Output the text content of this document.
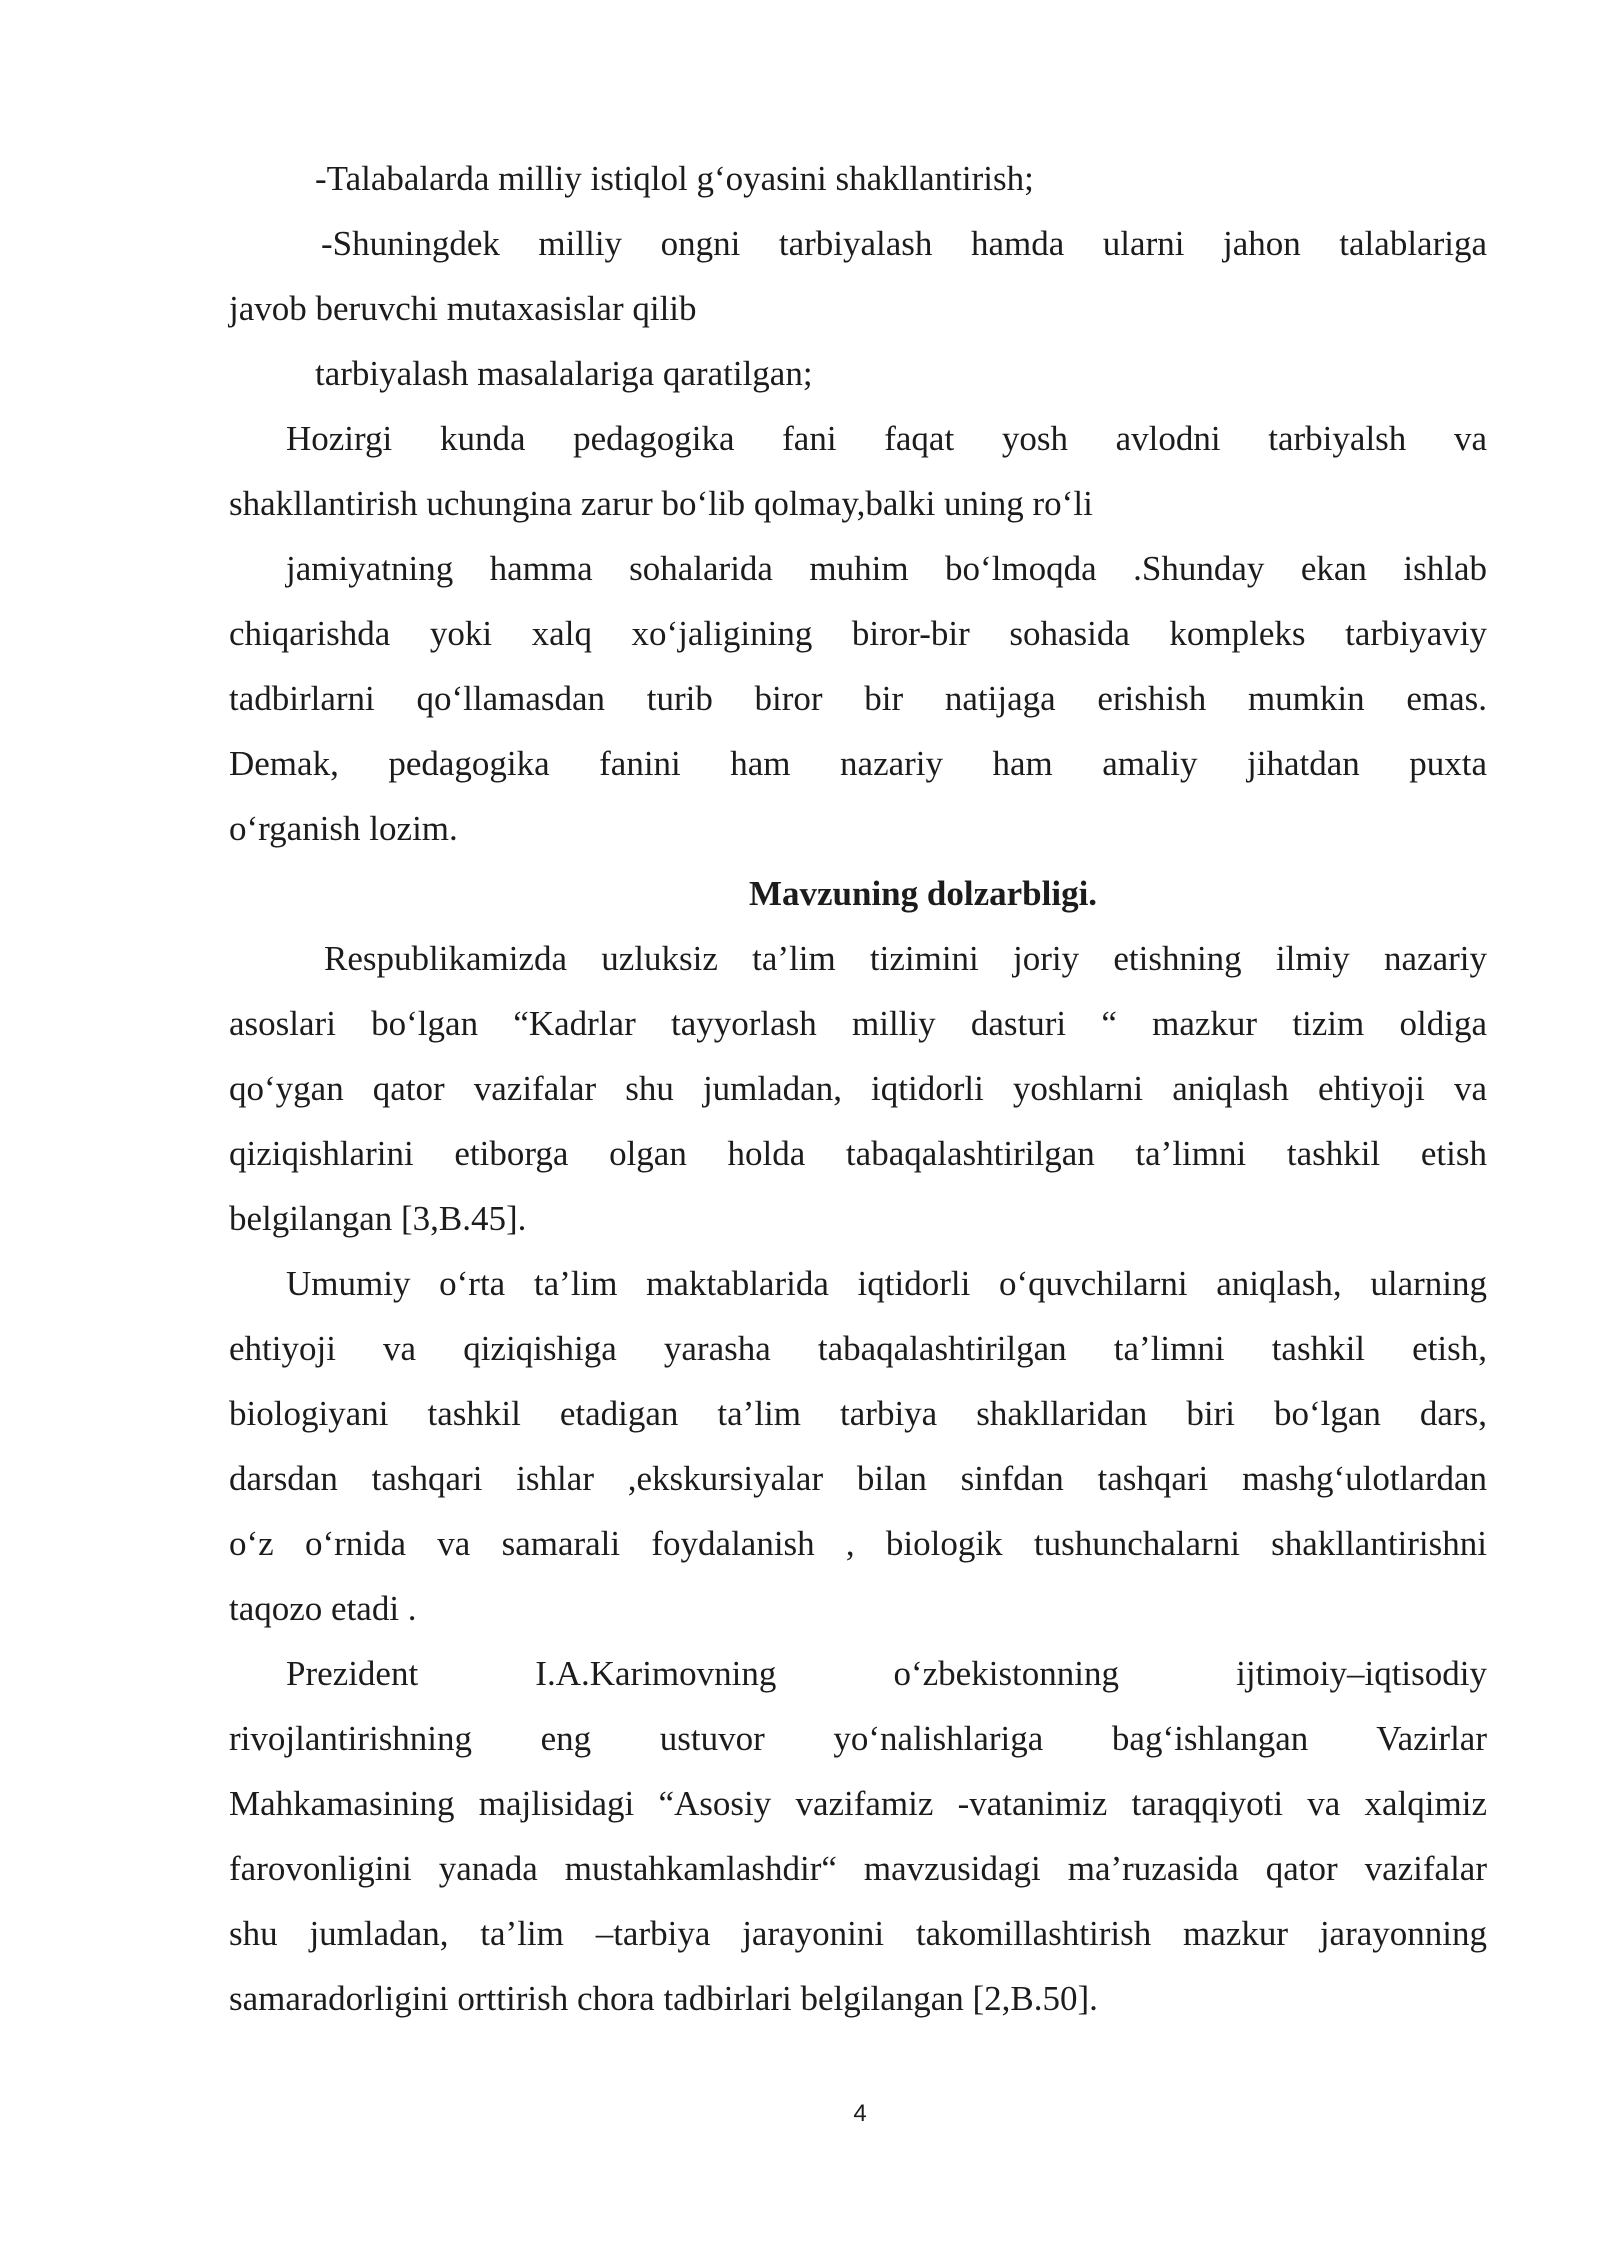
-Talabalarda milliy istiqlol g‘oyasini shakllantirish;
-Shuningdek milliy ongni tarbiyalash hamda ularni jahon talablariga
javob beruvchi mutaxasislar qilib
tarbiyalash masalalariga qaratilgan;
Hozirgi kunda pedagogika fani faqat yosh avlodni tarbiyalsh va
shakllantirish uchungina zarur bo‘lib qolmay,balki uning ro‘li
jamiyatning hamma sohalarida muhim bo‘lmoqda .Shunday ekan ishlab
chiqarishda yoki xalq xo‘jaligining biror-bir sohasida kompleks tarbiyaviy
tadbirlarni qo‘llamasdan turib biror bir natijaga erishish mumkin emas.
Demak, pedagogika fanini ham nazariy ham amaliy jihatdan puxta
o‘rganish lozim.
Mavzuning dolzarbligi.
Respublikamizda uzluksiz ta’lim tizimini joriy etishning ilmiy nazariy
asoslari bo‘lgan “Kadrlar tayyorlash milliy dasturi “ mazkur tizim oldiga
qo‘ygan qator vazifalar shu jumladan, iqtidorli yoshlarni aniqlash ehtiyoji va
qiziqishlarini etiborga olgan holda tabaqalashtirilgan ta’limni tashkil etish
belgilangan [3,B.45].
Umumiy o‘rta ta’lim maktablarida iqtidorli o‘quvchilarni aniqlash, ularning
ehtiyoji va qiziqishiga yarasha tabaqalashtirilgan ta’limni tashkil etish,
biologiyani tashkil etadigan ta’lim tarbiya shakllaridan biri bo‘lgan dars,
darsdan tashqari ishlar ,ekskursiyalar bilan sinfdan tashqari mashg‘ulotlardan
o‘z o‘rnida va samarali foydalanish , biologik tushunchalarni shakllantirishni
taqozo etadi .
Prezident I.A.Karimovning o‘zbekistonning ijtimoiy–iqtisodiy
rivojlantirishning eng ustuvor yo‘nalishlariga bag‘ishlangan Vazirlar
Mahkamasining majlisidagi “Asosiy vazifamiz -vatanimiz taraqqiyoti va xalqimiz
farovonligini yanada mustahkamlashdir“ mavzusidagi ma’ruzasida qator vazifalar
shu jumladan, ta’lim –tarbiya jarayonini takomillashtirish mazkur jarayonning
samaradorligini orttirish chora tadbirlari belgilangan [2,B.50].
4
